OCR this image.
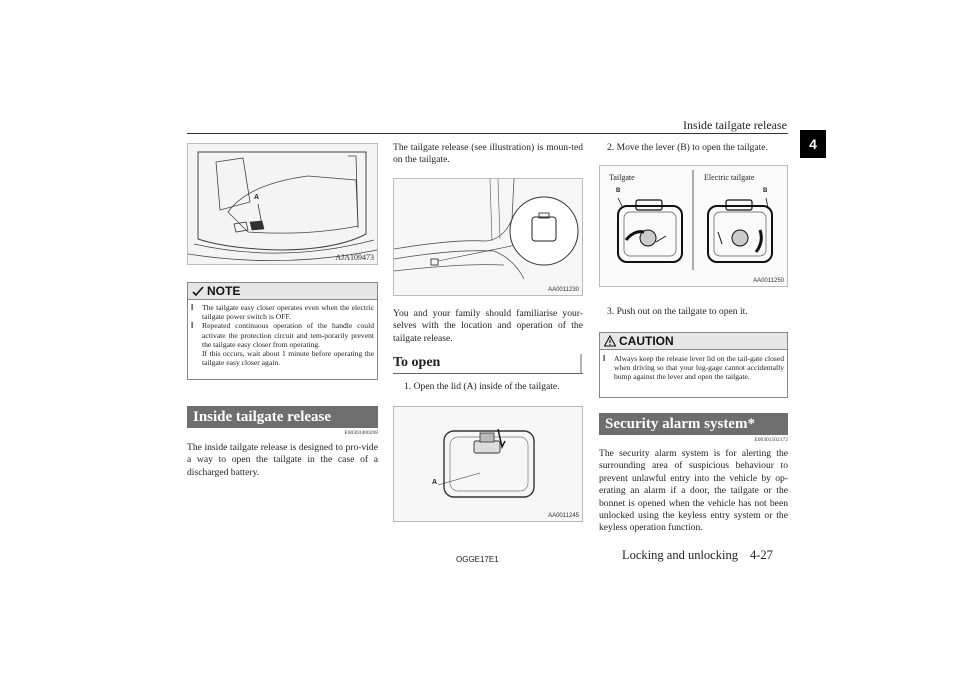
Inside tailgate release
4
A
AJA109473
NOTE

l The tailgate easy closer operates even when the electric tailgate power switch is OFF.

l Repeated continuous operation of the handle could activate the protection circuit and tem-porarily prevent the tailgate easy closer from operating.

If this occurs, wait about 1 minute before operating the tailgate easy closer again.

Inside tailgate release
E00303400298
The inside tailgate release is designed to pro-vide a way to open the tailgate in the case of a discharged battery.
The tailgate release (see illustration) is moun-ted on the tailgate.
AA0011230
You and your family should familiarise your-selves with the location and operation of the tailgate release.
To open
1. Open the lid (A) inside of the tailgate.
A
AA0011245
2. Move the lever (B) to open the tailgate.
Tailgate	Electric tailgate
B	B
AA0011250
3. Push out on the tailgate to open it.
CAUTION

l Always keep the release lever lid on the tail-gate closed when driving so that your lug-gage cannot accidentally bump against the lever and open the tailgate.

Security alarm system*
E00301502172
The security alarm system is for alerting the surrounding area of suspicious behaviour to prevent unlawful entry into the vehicle by op-erating an alarm if a door, the tailgate or the bonnet is opened when the vehicle has not been unlocked using the keyless entry system or the keyless operation function.
OGGE17E1	Locking and unlocking 4-27
